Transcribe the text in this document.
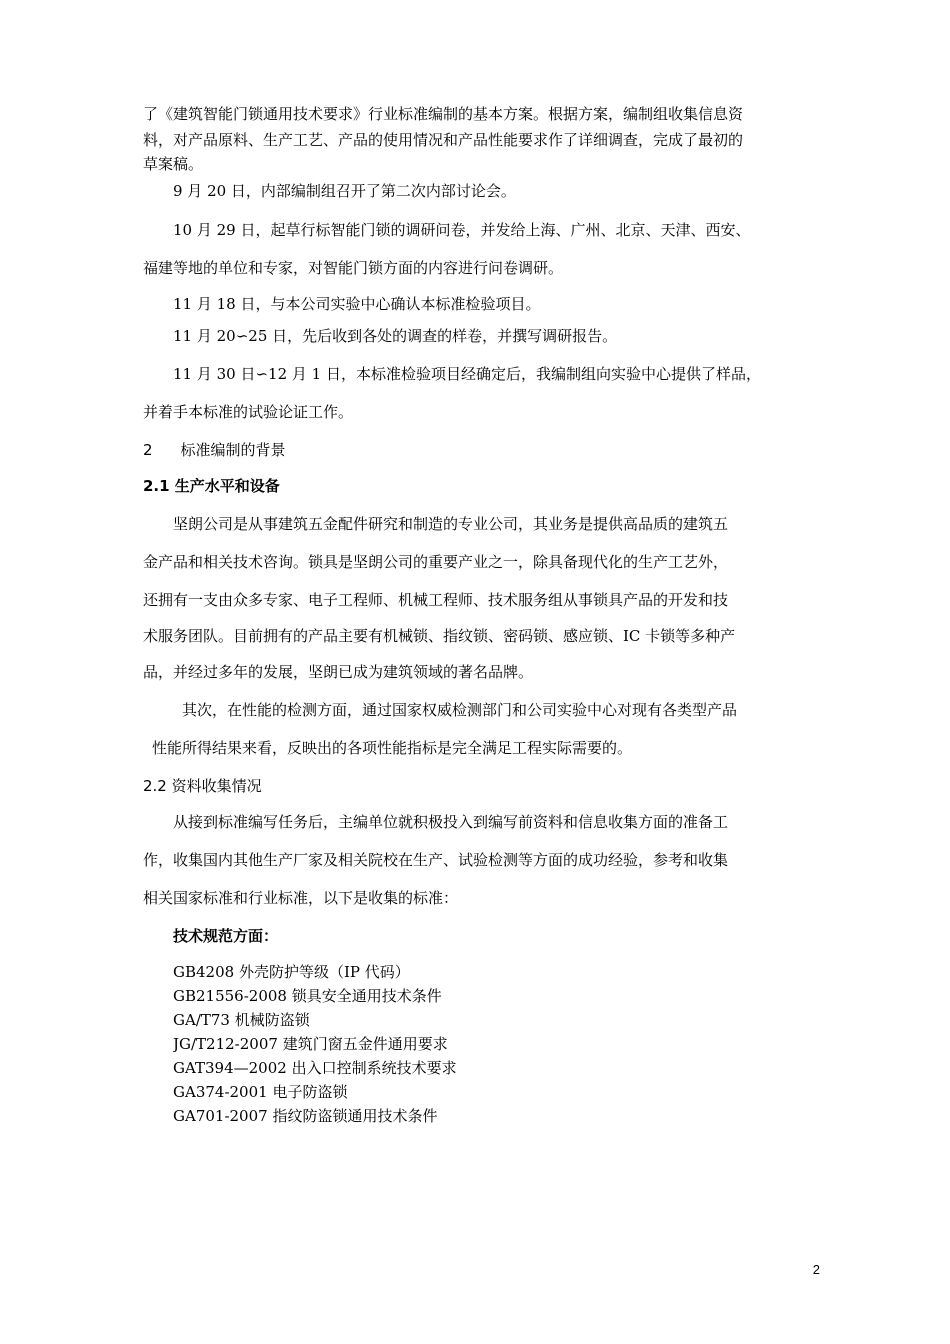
了《建筑智能门锁通用技术要求》行业标准编制的基本方案。根据方案，编制组收集信息资
料，对产品原料、生产工艺、产品的使用情况和产品性能要求作了详细调查，完成了最初的
草案稿。
9 月 20 日，内部编制组召开了第二次内部讨论会。
10 月 29 日，起草行标智能门锁的调研问卷，并发给上海、广州、北京、天津、西安、
福建等地的单位和专家，对智能门锁方面的内容进行问卷调研。
11 月 18 日，与本公司实验中心确认本标准检验项目。
11 月 20∽25 日，先后收到各处的调查的样卷，并撰写调研报告。
11 月 30 日∽12 月 1 日，本标准检验项目经确定后，我编制组向实验中心提供了样品，
并着手本标准的试验论证工作。
2 标准编制的背景
2.1 生产水平和设备
坚朗公司是从事建筑五金配件研究和制造的专业公司，其业务是提供高品质的建筑五
金产品和相关技术咨询。锁具是坚朗公司的重要产业之一，除具备现代化的生产工艺外，
还拥有一支由众多专家、电子工程师、机械工程师、技术服务组从事锁具产品的开发和技
术服务团队。目前拥有的产品主要有机械锁、指纹锁、密码锁、感应锁、IC 卡锁等多种产
品，并经过多年的发展，坚朗已成为建筑领域的著名品牌。
其次，在性能的检测方面，通过国家权威检测部门和公司实验中心对现有各类型产品
性能所得结果来看，反映出的各项性能指标是完全满足工程实际需要的。
2.2 资料收集情况
从接到标准编写任务后，主编单位就积极投入到编写前资料和信息收集方面的准备工
作，收集国内其他生产厂家及相关院校在生产、试验检测等方面的成功经验，参考和收集
相关国家标准和行业标准，以下是收集的标准：
技术规范方面：
GB4208 外壳防护等级（IP 代码）
GB21556-2008 锁具安全通用技术条件
GA/T73 机械防盗锁
JG/T212-2007 建筑门窗五金件通用要求
GAT394—2002 出入口控制系统技术要求
GA374-2001 电子防盗锁
GA701-2007 指纹防盗锁通用技术条件
2
